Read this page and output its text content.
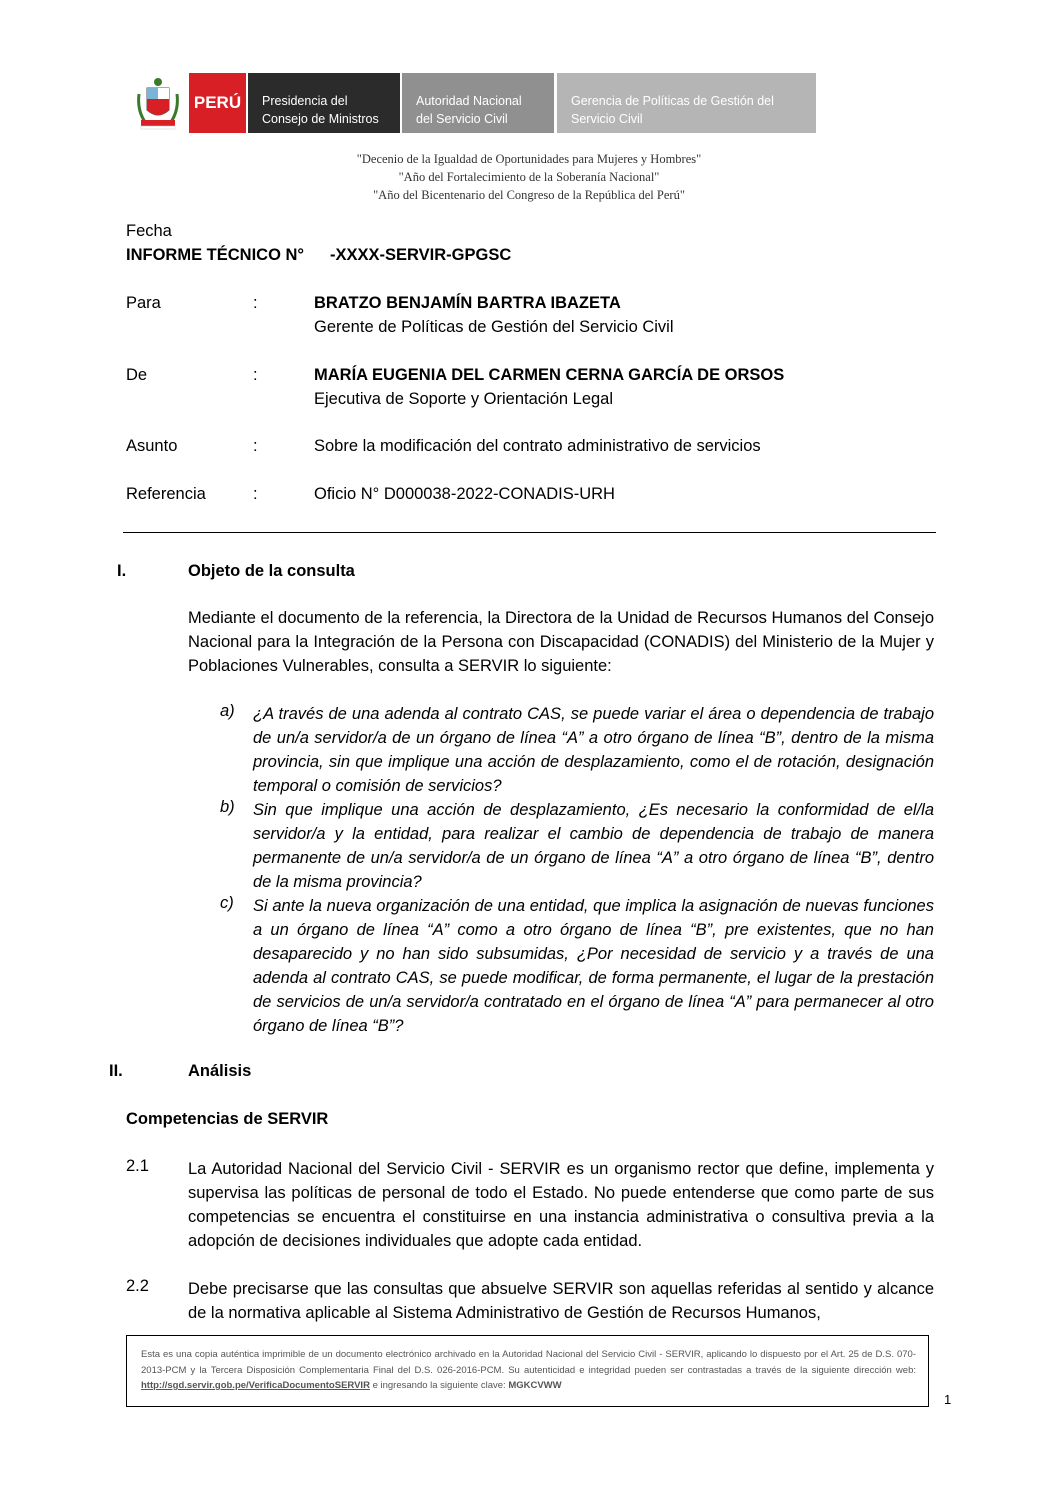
PERÚ	Presidencia del
Consejo de Ministros
Autoridad Nacional
del Servicio Civil
Gerencia de Políticas de Gestión del
Servicio Civil
"Decenio de la Igualdad de Oportunidades para Mujeres y Hombres"
"Año del Fortalecimiento de la Soberanía Nacional"
"Año del Bicentenario del Congreso de la República del Perú"
Fecha
INFORME TÉCNICO N° -XXXX-SERVIR-GPGSC
Para	:	BRATZO BENJAMÍN BARTRA IBAZETA
Gerente de Políticas de Gestión del Servicio Civil
De	:	MARÍA EUGENIA DEL CARMEN CERNA GARCÍA DE ORSOS
Ejecutiva de Soporte y Orientación Legal
Asunto	:	Sobre la modificación del contrato administrativo de servicios
Referencia	:	Oficio N° D000038-2022-CONADIS-URH
I.	Objeto de la consulta
Mediante el documento de la referencia, la Directora de la Unidad de Recursos Humanos del Consejo Nacional para la Integración de la Persona con Discapacidad (CONADIS) del Ministerio de la Mujer y Poblaciones Vulnerables, consulta a SERVIR lo siguiente:
a) ¿A través de una adenda al contrato CAS, se puede variar el área o dependencia de trabajo de un/a servidor/a de un órgano de línea “A” a otro órgano de línea “B”, dentro de la misma provincia, sin que implique una acción de desplazamiento, como el de rotación, designación temporal o comisión de servicios?
b) Sin que implique una acción de desplazamiento, ¿Es necesario la conformidad de el/la servidor/a y la entidad, para realizar el cambio de dependencia de trabajo de manera permanente de un/a servidor/a de un órgano de línea “A” a otro órgano de línea “B”, dentro de la misma provincia?
c) Si ante la nueva organización de una entidad, que implica la asignación de nuevas funciones a un órgano de línea “A” como a otro órgano de línea “B”, pre existentes, que no han desaparecido y no han sido subsumidas, ¿Por necesidad de servicio y a través de una adenda al contrato CAS, se puede modificar, de forma permanente, el lugar de la prestación de servicios de un/a servidor/a contratado en el órgano de línea “A” para permanecer al otro órgano de línea “B”?
II.	Análisis
Competencias de SERVIR
2.1 La Autoridad Nacional del Servicio Civil - SERVIR es un organismo rector que define, implementa y supervisa las políticas de personal de todo el Estado. No puede entenderse que como parte de sus competencias se encuentra el constituirse en una instancia administrativa o consultiva previa a la adopción de decisiones individuales que adopte cada entidad.
2.2 Debe precisarse que las consultas que absuelve SERVIR son aquellas referidas al sentido y alcance de la normativa aplicable al Sistema Administrativo de Gestión de Recursos Humanos,
Esta es una copia auténtica imprimible de un documento electrónico archivado en la Autoridad Nacional del Servicio Civil - SERVIR, aplicando lo dispuesto por el Art. 25 de D.S. 070-2013-PCM y la Tercera Disposición Complementaria Final del D.S. 026-2016-PCM. Su autenticidad e integridad pueden ser contrastadas a través de la siguiente dirección web: http://sgd.servir.gob.pe/VerificaDocumentoSERVIR e ingresando la siguiente clave: MGKCVWW
1
